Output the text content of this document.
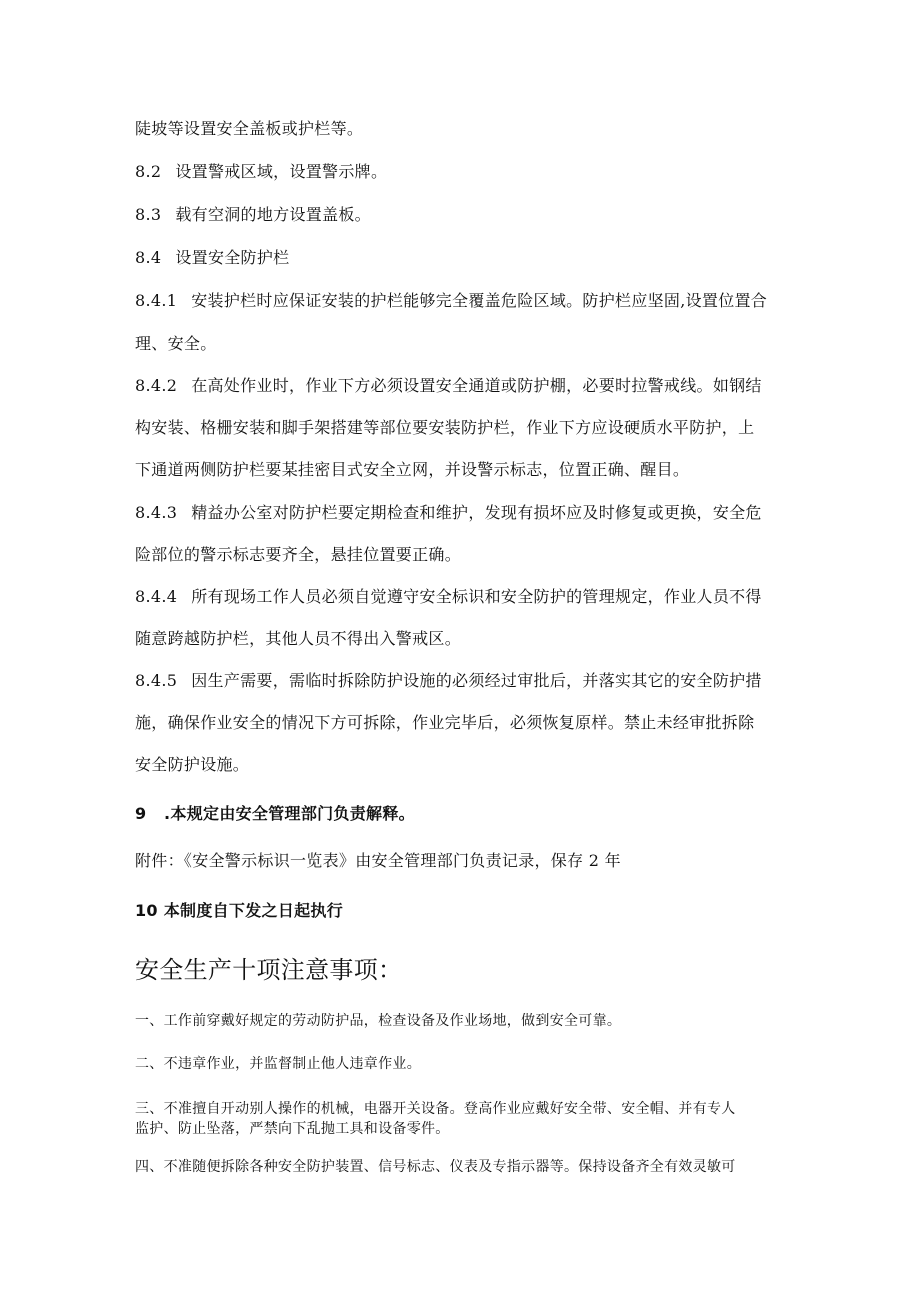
陡坡等设置安全盖板或护栏等。
8.2 设置警戒区域，设置警示牌。
8.3 载有空洞的地方设置盖板。
8.4 设置安全防护栏
8.4.1 安装护栏时应保证安装的护栏能够完全覆盖危险区域。防护栏应坚固,设置位置合
理、安全。
8.4.2 在高处作业时，作业下方必须设置安全通道或防护棚，必要时拉警戒线。如钢结
构安装、格栅安装和脚手架搭建等部位要安装防护栏，作业下方应设硬质水平防护，上
下通道两侧防护栏要某挂密目式安全立网，并设警示标志，位置正确、醒目。
8.4.3 精益办公室对防护栏要定期检查和维护，发现有损坏应及时修复或更换，安全危
险部位的警示标志要齐全，悬挂位置要正确。
8.4.4 所有现场工作人员必须自觉遵守安全标识和安全防护的管理规定，作业人员不得
随意跨越防护栏，其他人员不得出入警戒区。
8.4.5 因生产需要，需临时拆除防护设施的必须经过审批后，并落实其它的安全防护措
施，确保作业安全的情况下方可拆除，作业完毕后，必须恢复原样。禁止未经审批拆除
安全防护设施。
9   .本规定由安全管理部门负责解释。
附件：《安全警示标识一览表》由安全管理部门负责记录，保存 2 年
10 本制度自下发之日起执行
安全生产十项注意事项：
一、工作前穿戴好规定的劳动防护品，检查设备及作业场地，做到安全可靠。
二、不违章作业，并监督制止他人违章作业。
三、不准擅自开动别人操作的机械，电器开关设备。登高作业应戴好安全带、安全帽、并有专人
监护、防止坠落，严禁向下乱抛工具和设备零件。
四、不准随便拆除各种安全防护装置、信号标志、仪表及专指示器等。保持设备齐全有效灵敏可
